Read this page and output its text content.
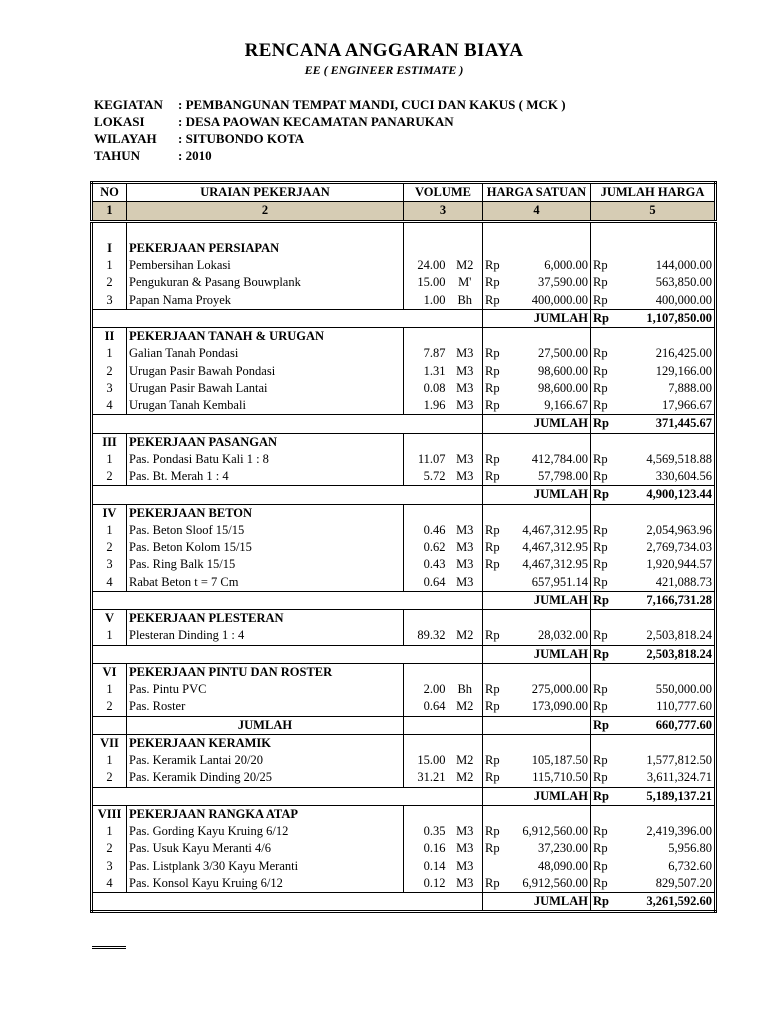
RENCANA ANGGARAN BIAYA
EE ( ENGINEER ESTIMATE )
KEGIATAN : PEMBANGUNAN TEMPAT MANDI, CUCI DAN KAKUS ( MCK )
LOKASI	: DESA PAOWAN KECAMATAN PANARUKAN
WILAYAH : SITUBONDO KOTA
TAHUN	: 2010
NO	URAIAN PEKERJAAN	VOLUME		HARGA SATUAN		JUMLAH HARGA	
1	2	3		4		5	

I	PEKERJAAN PERSIAPAN						
1	Pembersihan Lokasi	24.00	M2	Rp	6,000.00	Rp	144,000.00
2	Pengukuran & Pasang Bouwplank	15.00	M'	Rp	37,590.00	Rp	563,850.00
3	Papan Nama Proyek	1.00	Bh	Rp	400,000.00	Rp	400,000.00
					JUMLAH	Rp	1,107,850.00
II	PEKERJAAN TANAH & URUGAN						
1	Galian Tanah Pondasi	7.87	M3	Rp	27,500.00	Rp	216,425.00
2	Urugan Pasir Bawah Pondasi	1.31	M3	Rp	98,600.00	Rp	129,166.00
3	Urugan Pasir Bawah Lantai	0.08	M3	Rp	98,600.00	Rp	7,888.00
4	Urugan Tanah Kembali	1.96	M3	Rp	9,166.67	Rp	17,966.67
					JUMLAH	Rp	371,445.67
III	PEKERJAAN PASANGAN						
1	Pas. Pondasi Batu Kali 1 : 8	11.07	M3	Rp	412,784.00	Rp	4,569,518.88
2	Pas. Bt. Merah 1 : 4	5.72	M3	Rp	57,798.00	Rp	330,604.56
					JUMLAH	Rp	4,900,123.44
IV	PEKERJAAN BETON						
1	Pas. Beton Sloof 15/15	0.46	M3	Rp	4,467,312.95	Rp	2,054,963.96
2	Pas. Beton Kolom 15/15	0.62	M3	Rp	4,467,312.95	Rp	2,769,734.03
3	Pas. Ring Balk 15/15	0.43	M3	Rp	4,467,312.95	Rp	1,920,944.57
4	Rabat Beton t = 7 Cm	0.64	M3		657,951.14	Rp	421,088.73
					JUMLAH	Rp	7,166,731.28
V	PEKERJAAN PLESTERAN						
1	Plesteran Dinding 1 : 4	89.32	M2	Rp	28,032.00	Rp	2,503,818.24
					JUMLAH	Rp	2,503,818.24
VI	PEKERJAAN PINTU DAN ROSTER						
1	Pas. Pintu PVC	2.00	Bh	Rp	275,000.00	Rp	550,000.00
2	Pas. Roster	0.64	M2	Rp	173,090.00	Rp	110,777.60
	JUMLAH					Rp	660,777.60
VII	PEKERJAAN KERAMIK						
1	Pas. Keramik Lantai 20/20	15.00	M2	Rp	105,187.50	Rp	1,577,812.50
2	Pas. Keramik Dinding 20/25	31.21	M2	Rp	115,710.50	Rp	3,611,324.71
					JUMLAH	Rp	5,189,137.21
VIII	PEKERJAAN RANGKA ATAP						
1	Pas. Gording Kayu Kruing 6/12	0.35	M3	Rp	6,912,560.00	Rp	2,419,396.00
2	Pas. Usuk Kayu Meranti 4/6	0.16	M3	Rp	37,230.00	Rp	5,956.80
3	Pas. Listplank 3/30 Kayu Meranti	0.14	M3		48,090.00	Rp	6,732.60
4	Pas. Konsol Kayu Kruing 6/12	0.12	M3	Rp	6,912,560.00	Rp	829,507.20
					JUMLAH	Rp	3,261,592.60
